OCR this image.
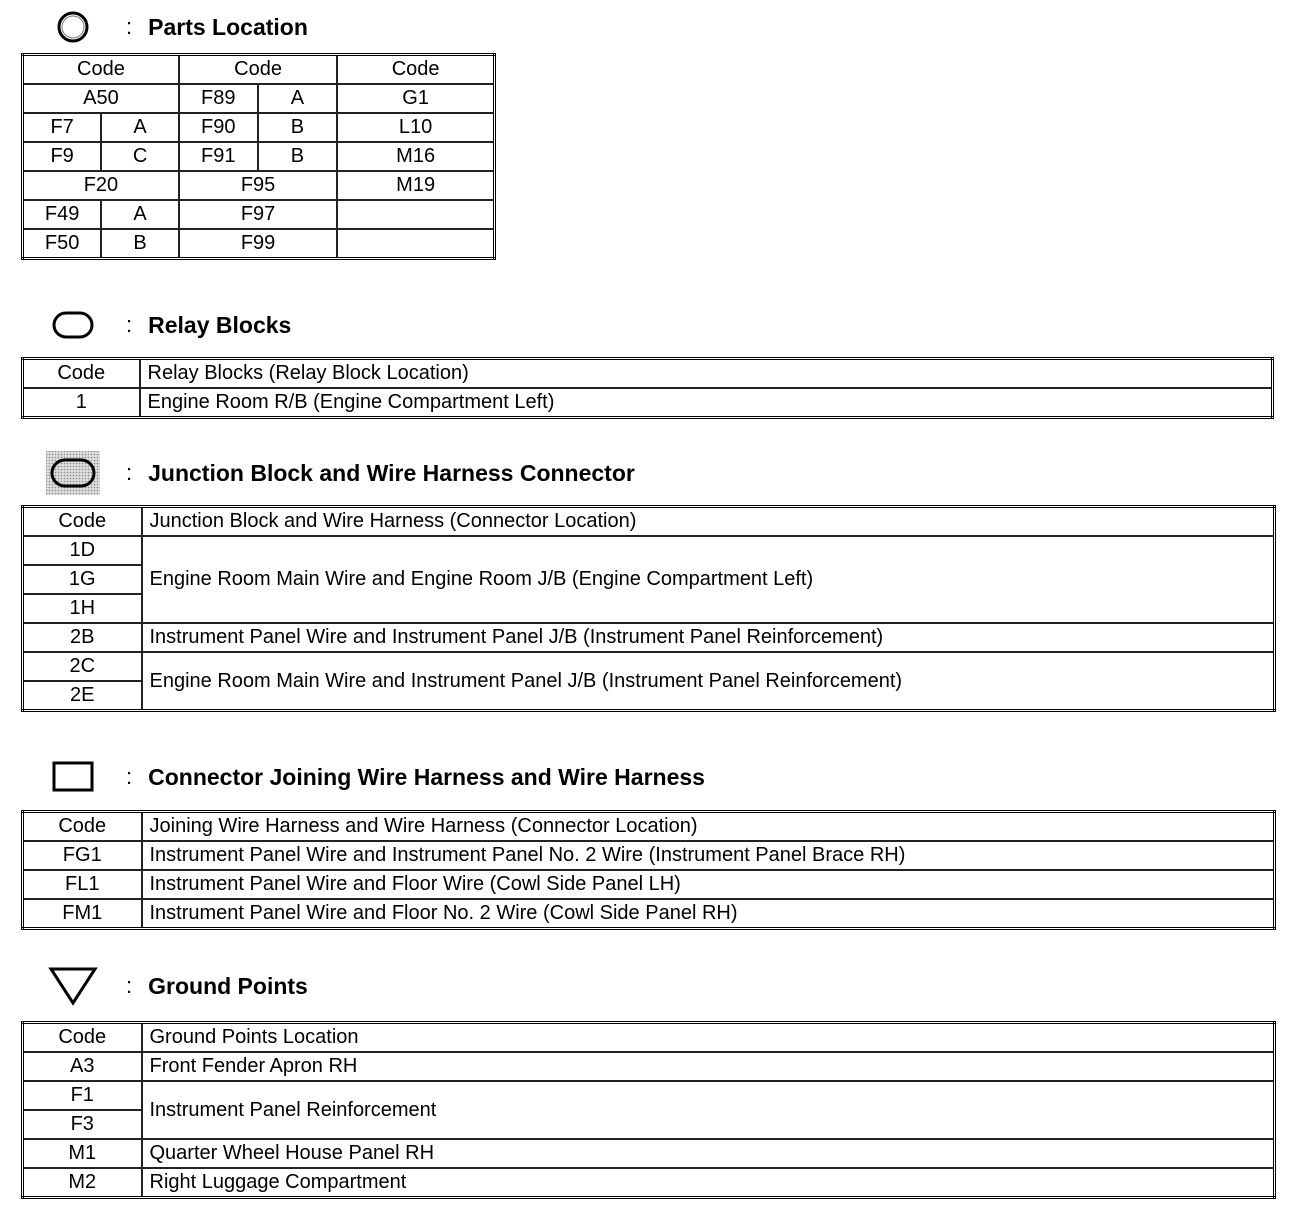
: Parts Location
Code		Code		Code
A50		F89	A	G1
F7	A	F90	B	L10
F9	C	F91	B	M16
F20		F95		M19
F49	A	F97		
F50	B	F99		
: Relay Blocks
Code	Relay Blocks (Relay Block Location)
1	Engine Room R/B (Engine Compartment Left)
: Junction Block and Wire Harness Connector
Code	Junction Block and Wire Harness (Connector Location)
1D	Engine Room Main Wire and Engine Room J/B (Engine Compartment Left)
1G	
1H	
2B	Instrument Panel Wire and Instrument Panel J/B (Instrument Panel Reinforcement)
2C	Engine Room Main Wire and Instrument Panel J/B (Instrument Panel Reinforcement)
2E	
: Connector Joining Wire Harness and Wire Harness
Code	Joining Wire Harness and Wire Harness (Connector Location)
FG1	Instrument Panel Wire and Instrument Panel No. 2 Wire (Instrument Panel Brace RH)
FL1	Instrument Panel Wire and Floor Wire (Cowl Side Panel LH)
FM1	Instrument Panel Wire and Floor No. 2 Wire (Cowl Side Panel RH)
: Ground Points
Code	Ground Points Location
A3	Front Fender Apron RH
F1	Instrument Panel Reinforcement
F3	
M1	Quarter Wheel House Panel RH
M2	Right Luggage Compartment
